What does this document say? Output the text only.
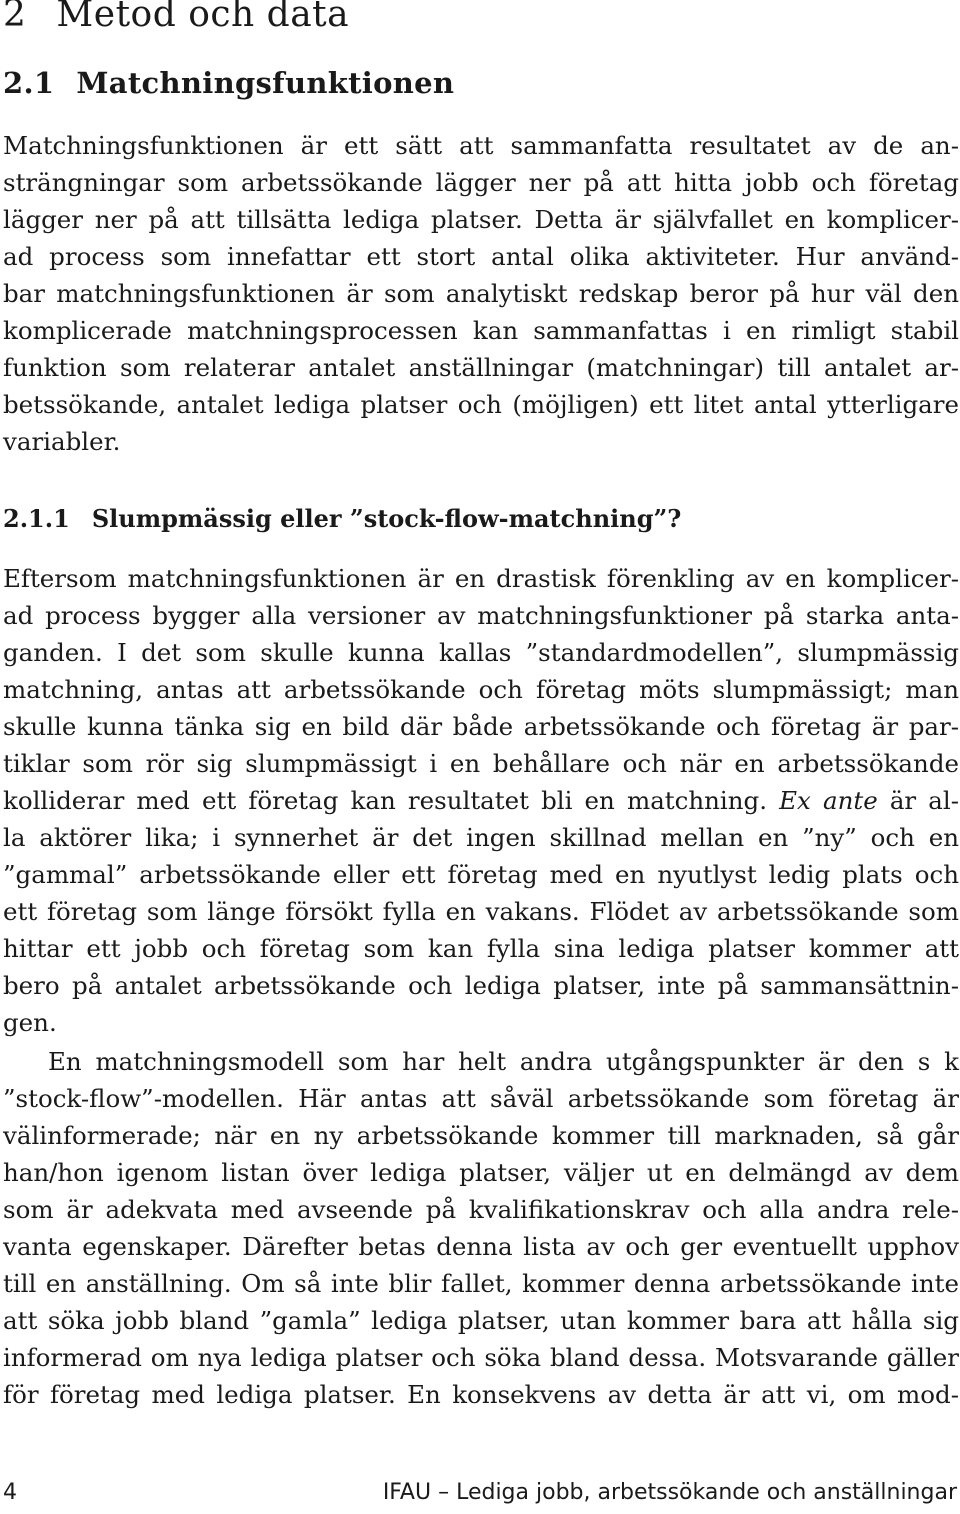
2 Metod och data
2.1 Matchningsfunktionen
Matchningsfunktionen är ett sätt att sammanfatta resultatet av de an-
strängningar som arbetssökande lägger ner på att hitta jobb och företag
lägger ner på att tillsätta lediga platser. Detta är självfallet en komplicer-
ad process som innefattar ett stort antal olika aktiviteter. Hur använd-
bar matchningsfunktionen är som analytiskt redskap beror på hur väl den
komplicerade matchningsprocessen kan sammanfattas i en rimligt stabil
funktion som relaterar antalet anställningar (matchningar) till antalet ar-
betssökande, antalet lediga platser och (möjligen) ett litet antal ytterligare
variabler.
2.1.1 Slumpmässig eller ”stock-flow-matchning”?
Eftersom matchningsfunktionen är en drastisk förenkling av en komplicer-
ad process bygger alla versioner av matchningsfunktioner på starka anta-
ganden. I det som skulle kunna kallas ”standardmodellen”, slumpmässig
matchning, antas att arbetssökande och företag möts slumpmässigt; man
skulle kunna tänka sig en bild där både arbetssökande och företag är par-
tiklar som rör sig slumpmässigt i en behållare och när en arbetssökande
kolliderar med ett företag kan resultatet bli en matchning. Ex ante är al-
la aktörer lika; i synnerhet är det ingen skillnad mellan en ”ny” och en
”gammal” arbetssökande eller ett företag med en nyutlyst ledig plats och
ett företag som länge försökt fylla en vakans. Flödet av arbetssökande som
hittar ett jobb och företag som kan fylla sina lediga platser kommer att
bero på antalet arbetssökande och lediga platser, inte på sammansättnin-
gen.
En matchningsmodell som har helt andra utgångspunkter är den s k
”stock-flow”-modellen. Här antas att såväl arbetssökande som företag är
välinformerade; när en ny arbetssökande kommer till marknaden, så går
han/hon igenom listan över lediga platser, väljer ut en delmängd av dem
som är adekvata med avseende på kvalifikationskrav och alla andra rele-
vanta egenskaper. Därefter betas denna lista av och ger eventuellt upphov
till en anställning. Om så inte blir fallet, kommer denna arbetssökande inte
att söka jobb bland ”gamla” lediga platser, utan kommer bara att hålla sig
informerad om nya lediga platser och söka bland dessa. Motsvarande gäller
för företag med lediga platser. En konsekvens av detta är att vi, om mod-
4	IFAU – Lediga jobb, arbetssökande och anställningar
